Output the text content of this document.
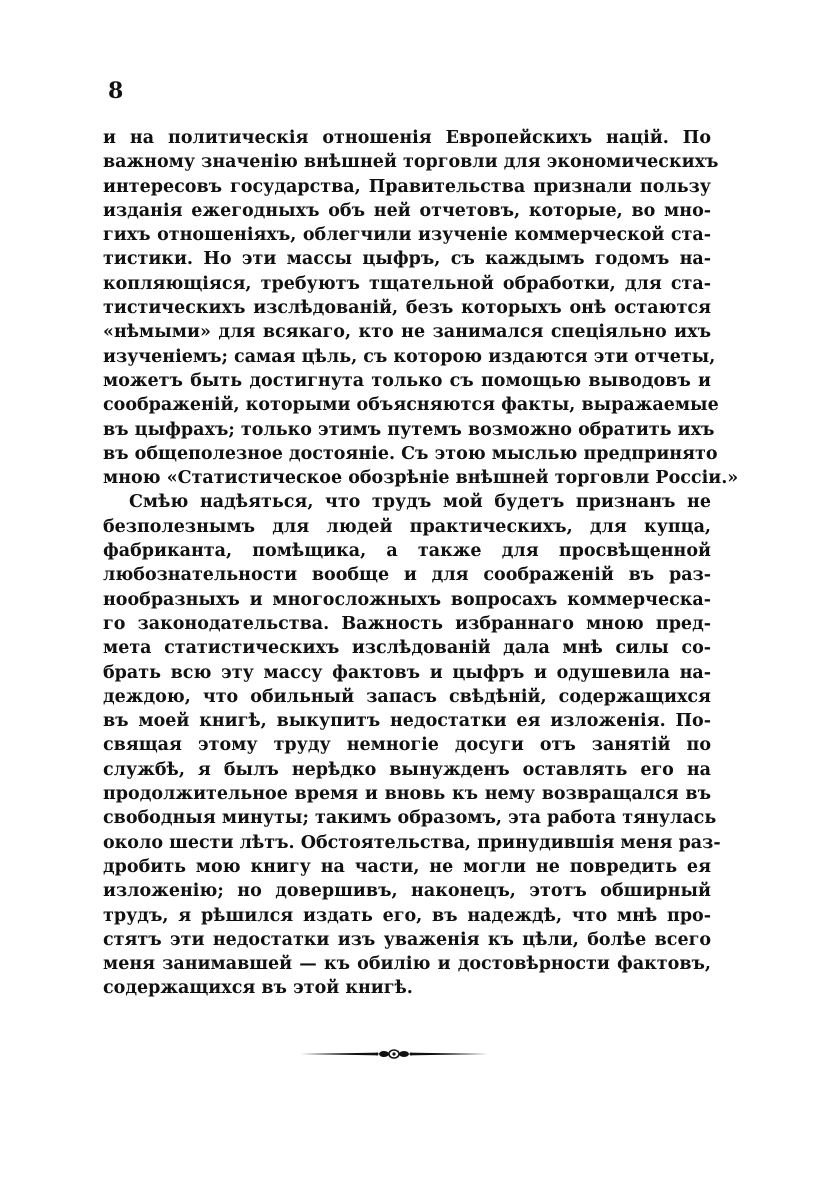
8
и на политическія отношенія Европейскихъ націй. По
важному значенію внѣшней торговли для экономическихъ
интересовъ государства, Правительства признали пользу
изданія ежегодныхъ объ ней отчетовъ, которые, во мно-
гихъ отношеніяхъ, облегчили изученіе коммерческой ста-
тистики. Но эти массы цыфръ, съ каждымъ годомъ на-
копляющіяся, требуютъ тщательной обработки, для ста-
тистическихъ изслѣдованій, безъ которыхъ онѣ остаются
«нѣмыми» для всякаго, кто не занимался спеціяльно ихъ
изученіемъ; самая цѣль, съ которою издаются эти отчеты,
можетъ быть достигнута только съ помощью выводовъ и
соображеній, которыми объясняются факты, выражаемые
въ цыфрахъ; только этимъ путемъ возможно обратить ихъ
въ общеполезное достояніе. Съ этою мыслью предпринято
мною «Статистическое обозрѣніе внѣшней торговли Россіи.»
Смѣю надѣяться, что трудъ мой будетъ признанъ не
безполезнымъ для людей практическихъ, для купца,
фабриканта, помѣщика, а также для просвѣщенной
любознательности вообще и для соображеній въ раз-
нообразныхъ и многосложныхъ вопросахъ коммерческа-
го законодательства. Важность избраннаго мною пред-
мета статистическихъ изслѣдованій дала мнѣ силы со-
брать всю эту массу фактовъ и цыфръ и одушевила на-
деждою, что обильный запасъ свѣдѣній, содержащихся
въ моей книгѣ, выкупитъ недостатки ея изложенія. По-
свящая этому труду немногіе досуги отъ занятій по
службѣ, я былъ нерѣдко вынужденъ оставлять его на
продолжительное время и вновь къ нему возвращался въ
свободныя минуты; такимъ образомъ, эта работа тянулась
около шести лѣтъ. Обстоятельства, принудившія меня раз-
дробить мою книгу на части, не могли не повредить ея
изложенію; но довершивъ, наконецъ, этотъ обширный
трудъ, я рѣшился издать его, въ надеждѣ, что мнѣ про-
стятъ эти недостатки изъ уваженія къ цѣли, болѣе всего
меня занимавшей — къ обилію и достовѣрности фактовъ,
содержащихся въ этой книгѣ.
